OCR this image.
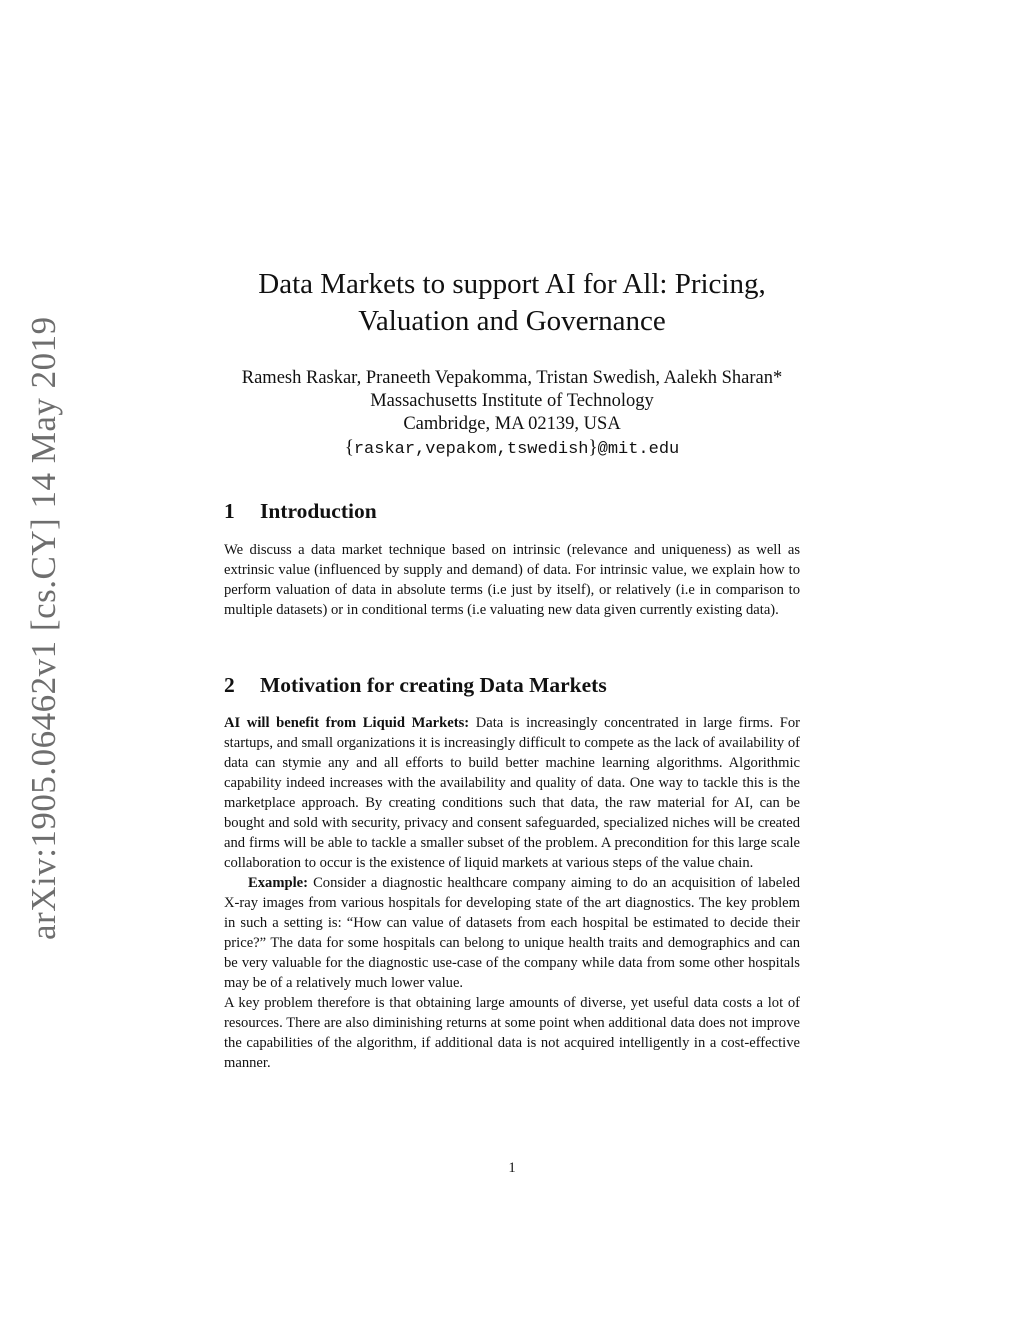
arXiv:1905.06462v1 [cs.CY] 14 May 2019
Data Markets to support AI for All: Pricing,
Valuation and Governance
Ramesh Raskar, Praneeth Vepakomma, Tristan Swedish, Aalekh Sharan*
Massachusetts Institute of Technology
Cambridge, MA 02139, USA
{raskar,vepakom,tswedish}@mit.edu
1 Introduction

We discuss a data market technique based on intrinsic (relevance and uniqueness) as well as extrinsic value (influenced by supply and demand) of data. For intrinsic value, we explain how to perform valuation of data in absolute terms (i.e just by itself), or relatively (i.e in comparison to multiple datasets) or in conditional terms (i.e valuating new data given currently existing data).

2 Motivation for creating Data Markets

AI will benefit from Liquid Markets: Data is increasingly concentrated in large firms. For startups, and small organizations it is increasingly difficult to compete as the lack of availability of data can stymie any and all efforts to build better machine learning algorithms. Algorithmic capability indeed increases with the availability and quality of data. One way to tackle this is the marketplace approach. By creating conditions such that data, the raw material for AI, can be bought and sold with security, privacy and consent safeguarded, specialized niches will be created and firms will be able to tackle a smaller subset of the problem. A precondition for this large scale collaboration to occur is the existence of liquid markets at various steps of the value chain.

Example: Consider a diagnostic healthcare company aiming to do an acquisition of labeled X-ray images from various hospitals for developing state of the art diagnostics. The key problem in such a setting is: “How can value of datasets from each hospital be estimated to decide their price?” The data for some hospitals can belong to unique health traits and demographics and can be very valuable for the diagnostic use-case of the company while data from some other hospitals may be of a relatively much lower value.

A key problem therefore is that obtaining large amounts of diverse, yet useful data costs a lot of resources. There are also diminishing returns at some point when additional data does not improve the capabilities of the algorithm, if additional data is not acquired intelligently in a cost-effective manner.

1
